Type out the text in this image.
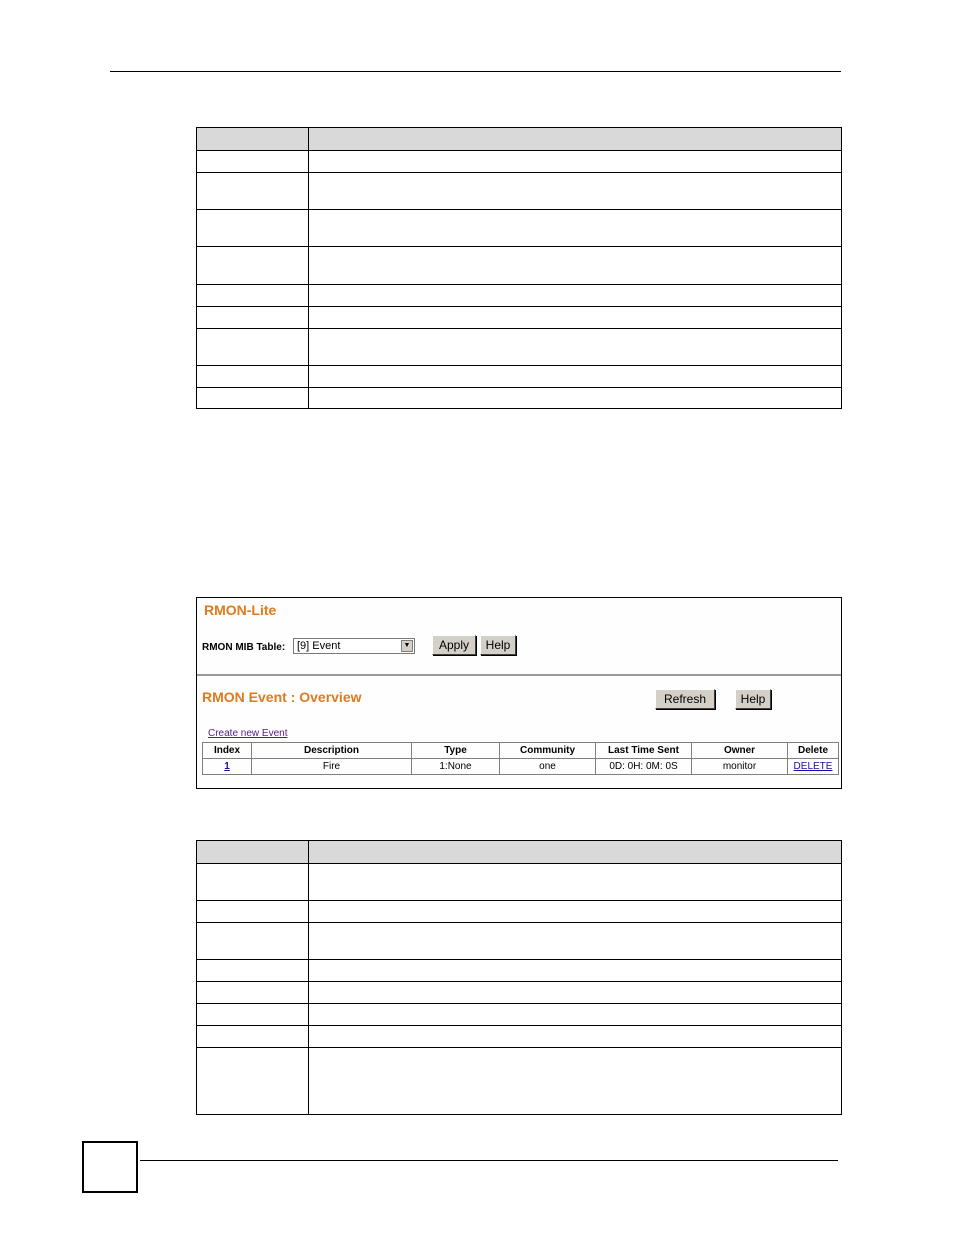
RMON-Lite
RMON MIB Table:	[9] Event	▼	Apply	Help
RMON Event : Overview	Refresh	Help
Create new Event
Index	Description	Type	Community	Last Time Sent	Owner	Delete
1	Fire	1:None	one	0D: 0H: 0M: 0S	monitor	DELETE
